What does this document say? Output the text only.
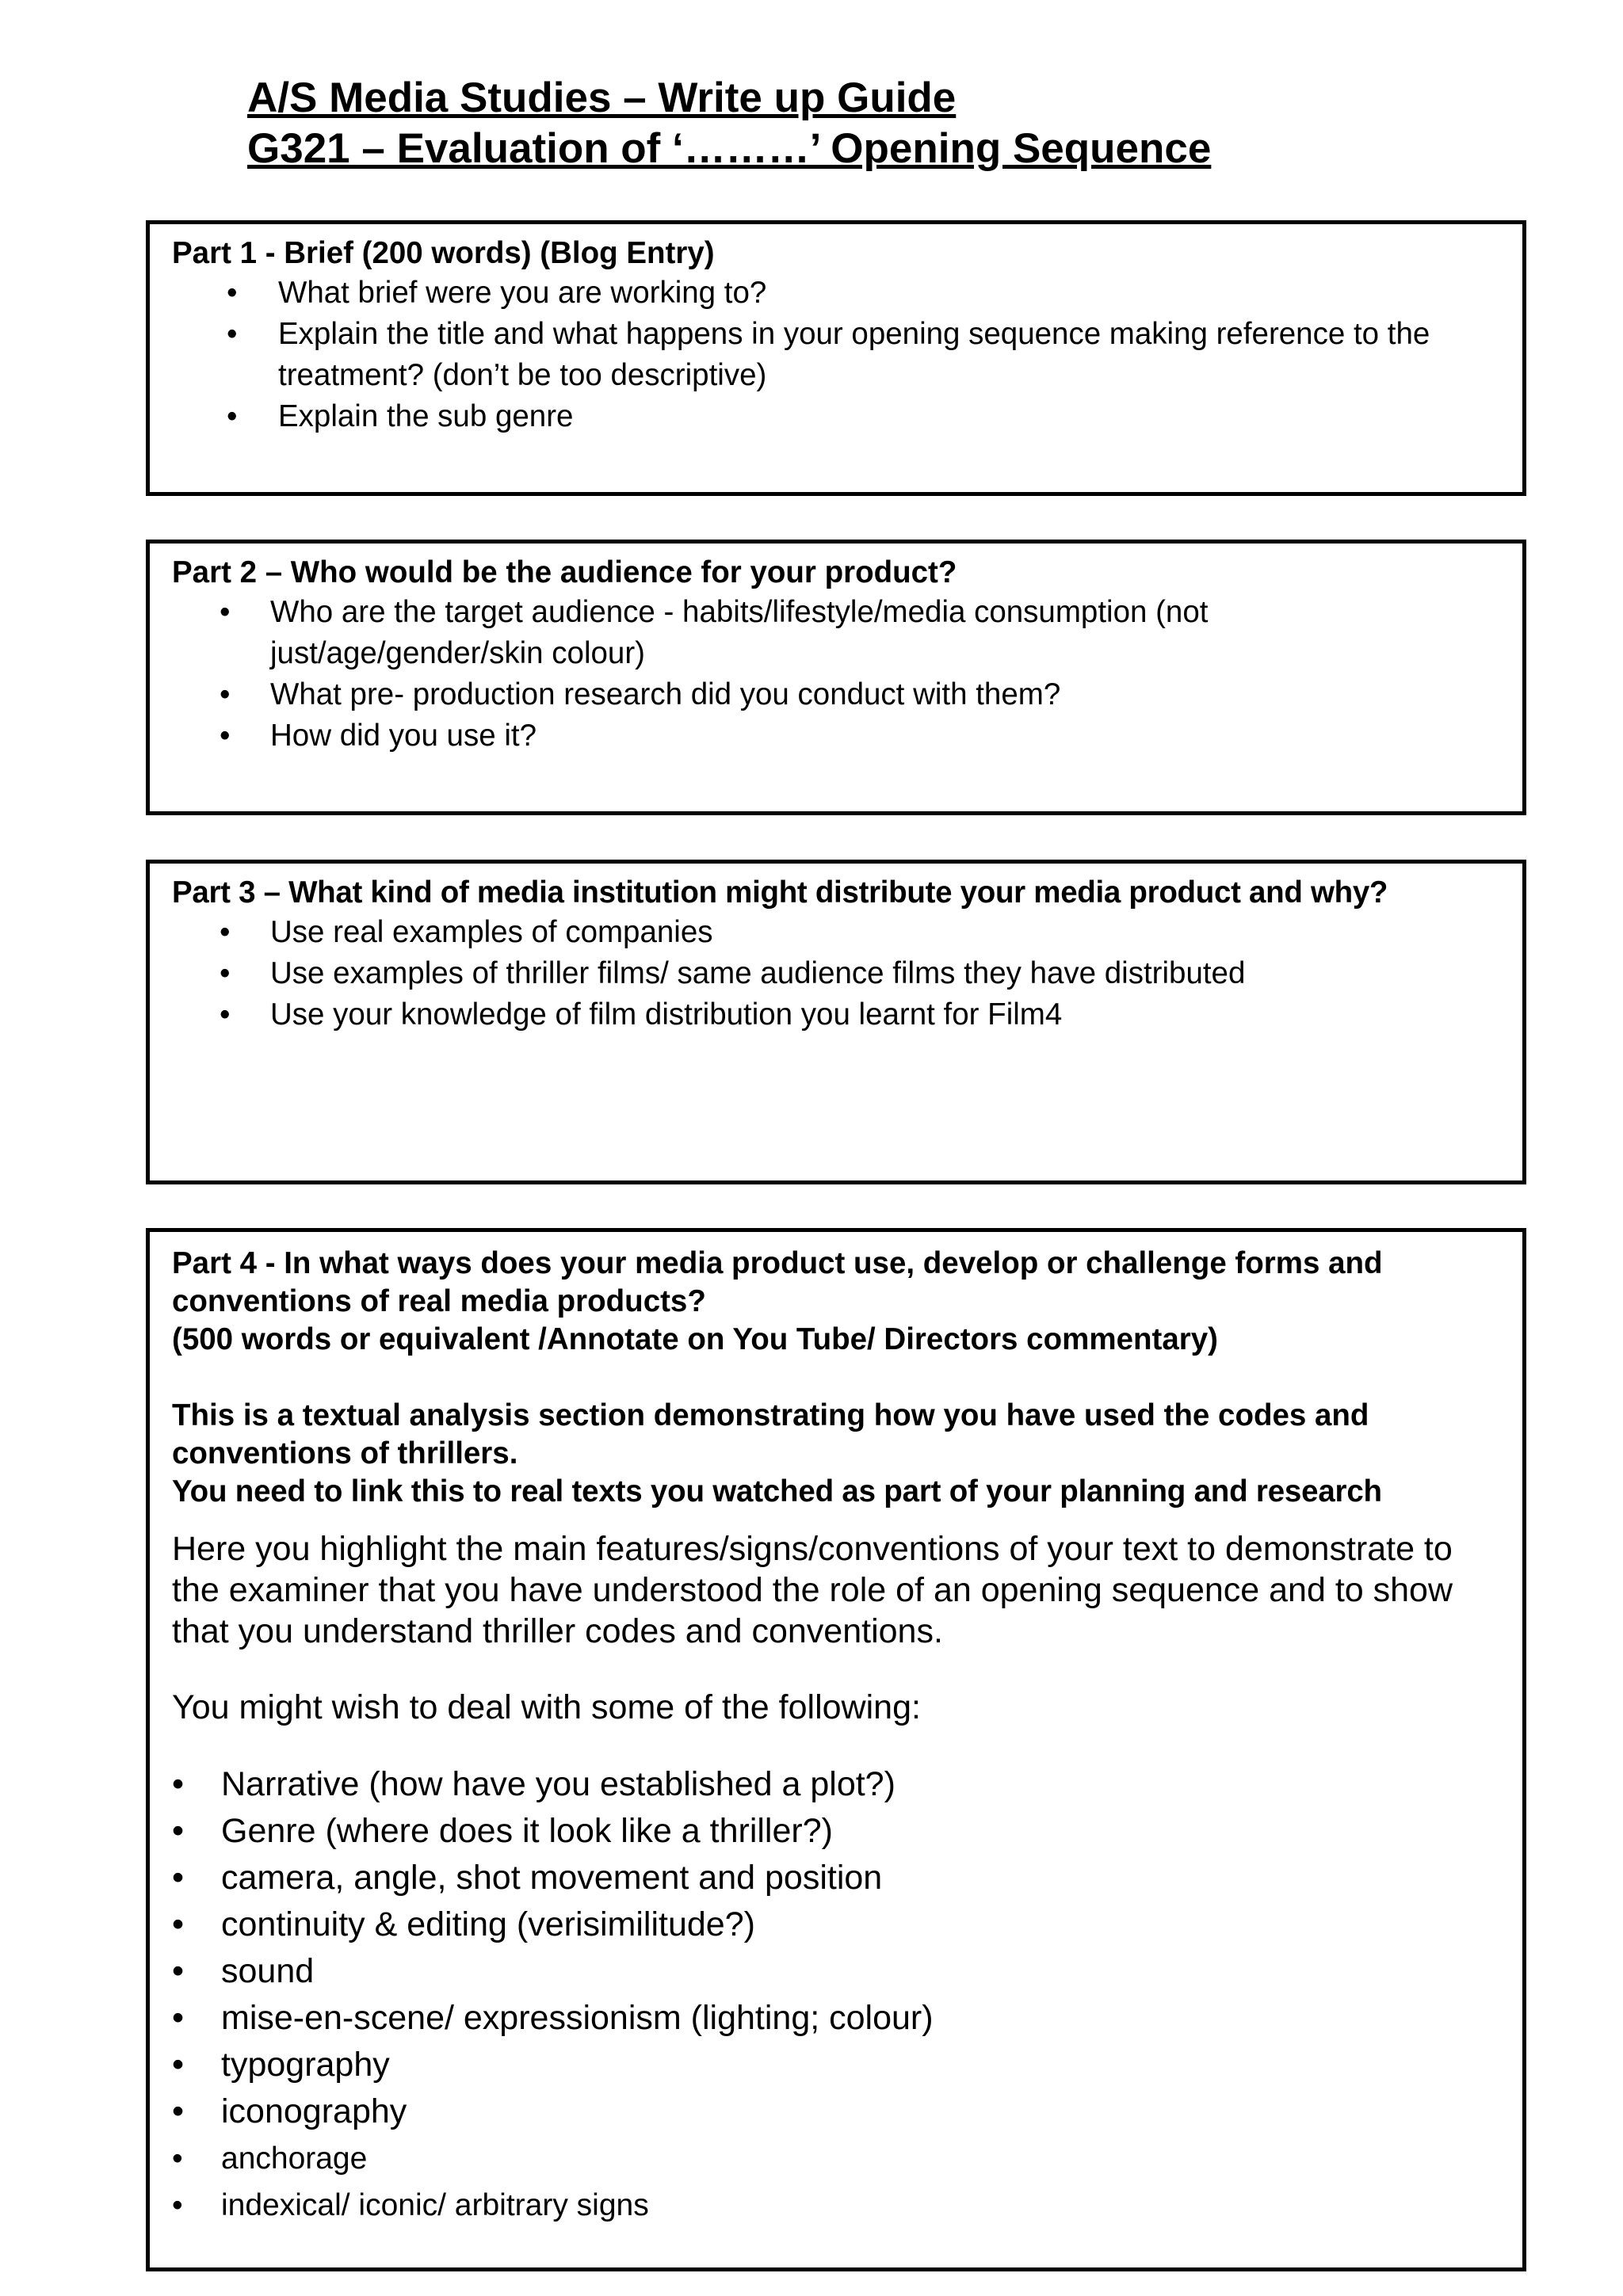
A/S Media Studies – Write up Guide
G321 – Evaluation of ‘………’ Opening Sequence

Part 1 - Brief (200 words) (Blog Entry)

• What brief were you are working to?
• Explain the title and what happens in your opening sequence making reference to the treatment? (don’t be too descriptive)
• Explain the sub genre

Part 2 – Who would be the audience for your product?

• Who are the target audience - habits/lifestyle/media consumption (not just/age/gender/skin colour)
• What pre- production research did you conduct with them?
• How did you use it?

Part 3 – What kind of media institution might distribute your media product and why?

• Use real examples of companies
• Use examples of thriller films/ same audience films they have distributed
• Use your knowledge of film distribution you learnt for Film4

Part 4 - In what ways does your media product use, develop or challenge forms and conventions of real media products?

(500 words or equivalent /Annotate on You Tube/ Directors commentary)

This is a textual analysis section demonstrating how you have used the codes and conventions of thrillers.

You need to link this to real texts you watched as part of your planning and research

Here you highlight the main features/signs/conventions of your text to demonstrate to the examiner that you have understood the role of an opening sequence and to show that you understand thriller codes and conventions.

You might wish to deal with some of the following:

• Narrative (how have you established a plot?)
• Genre (where does it look like a thriller?)
• camera, angle, shot movement and position
• continuity & editing (verisimilitude?)
• sound
• mise-en-scene/ expressionism (lighting; colour)
• typography
• iconography
• anchorage
• indexical/ iconic/ arbitrary signs
